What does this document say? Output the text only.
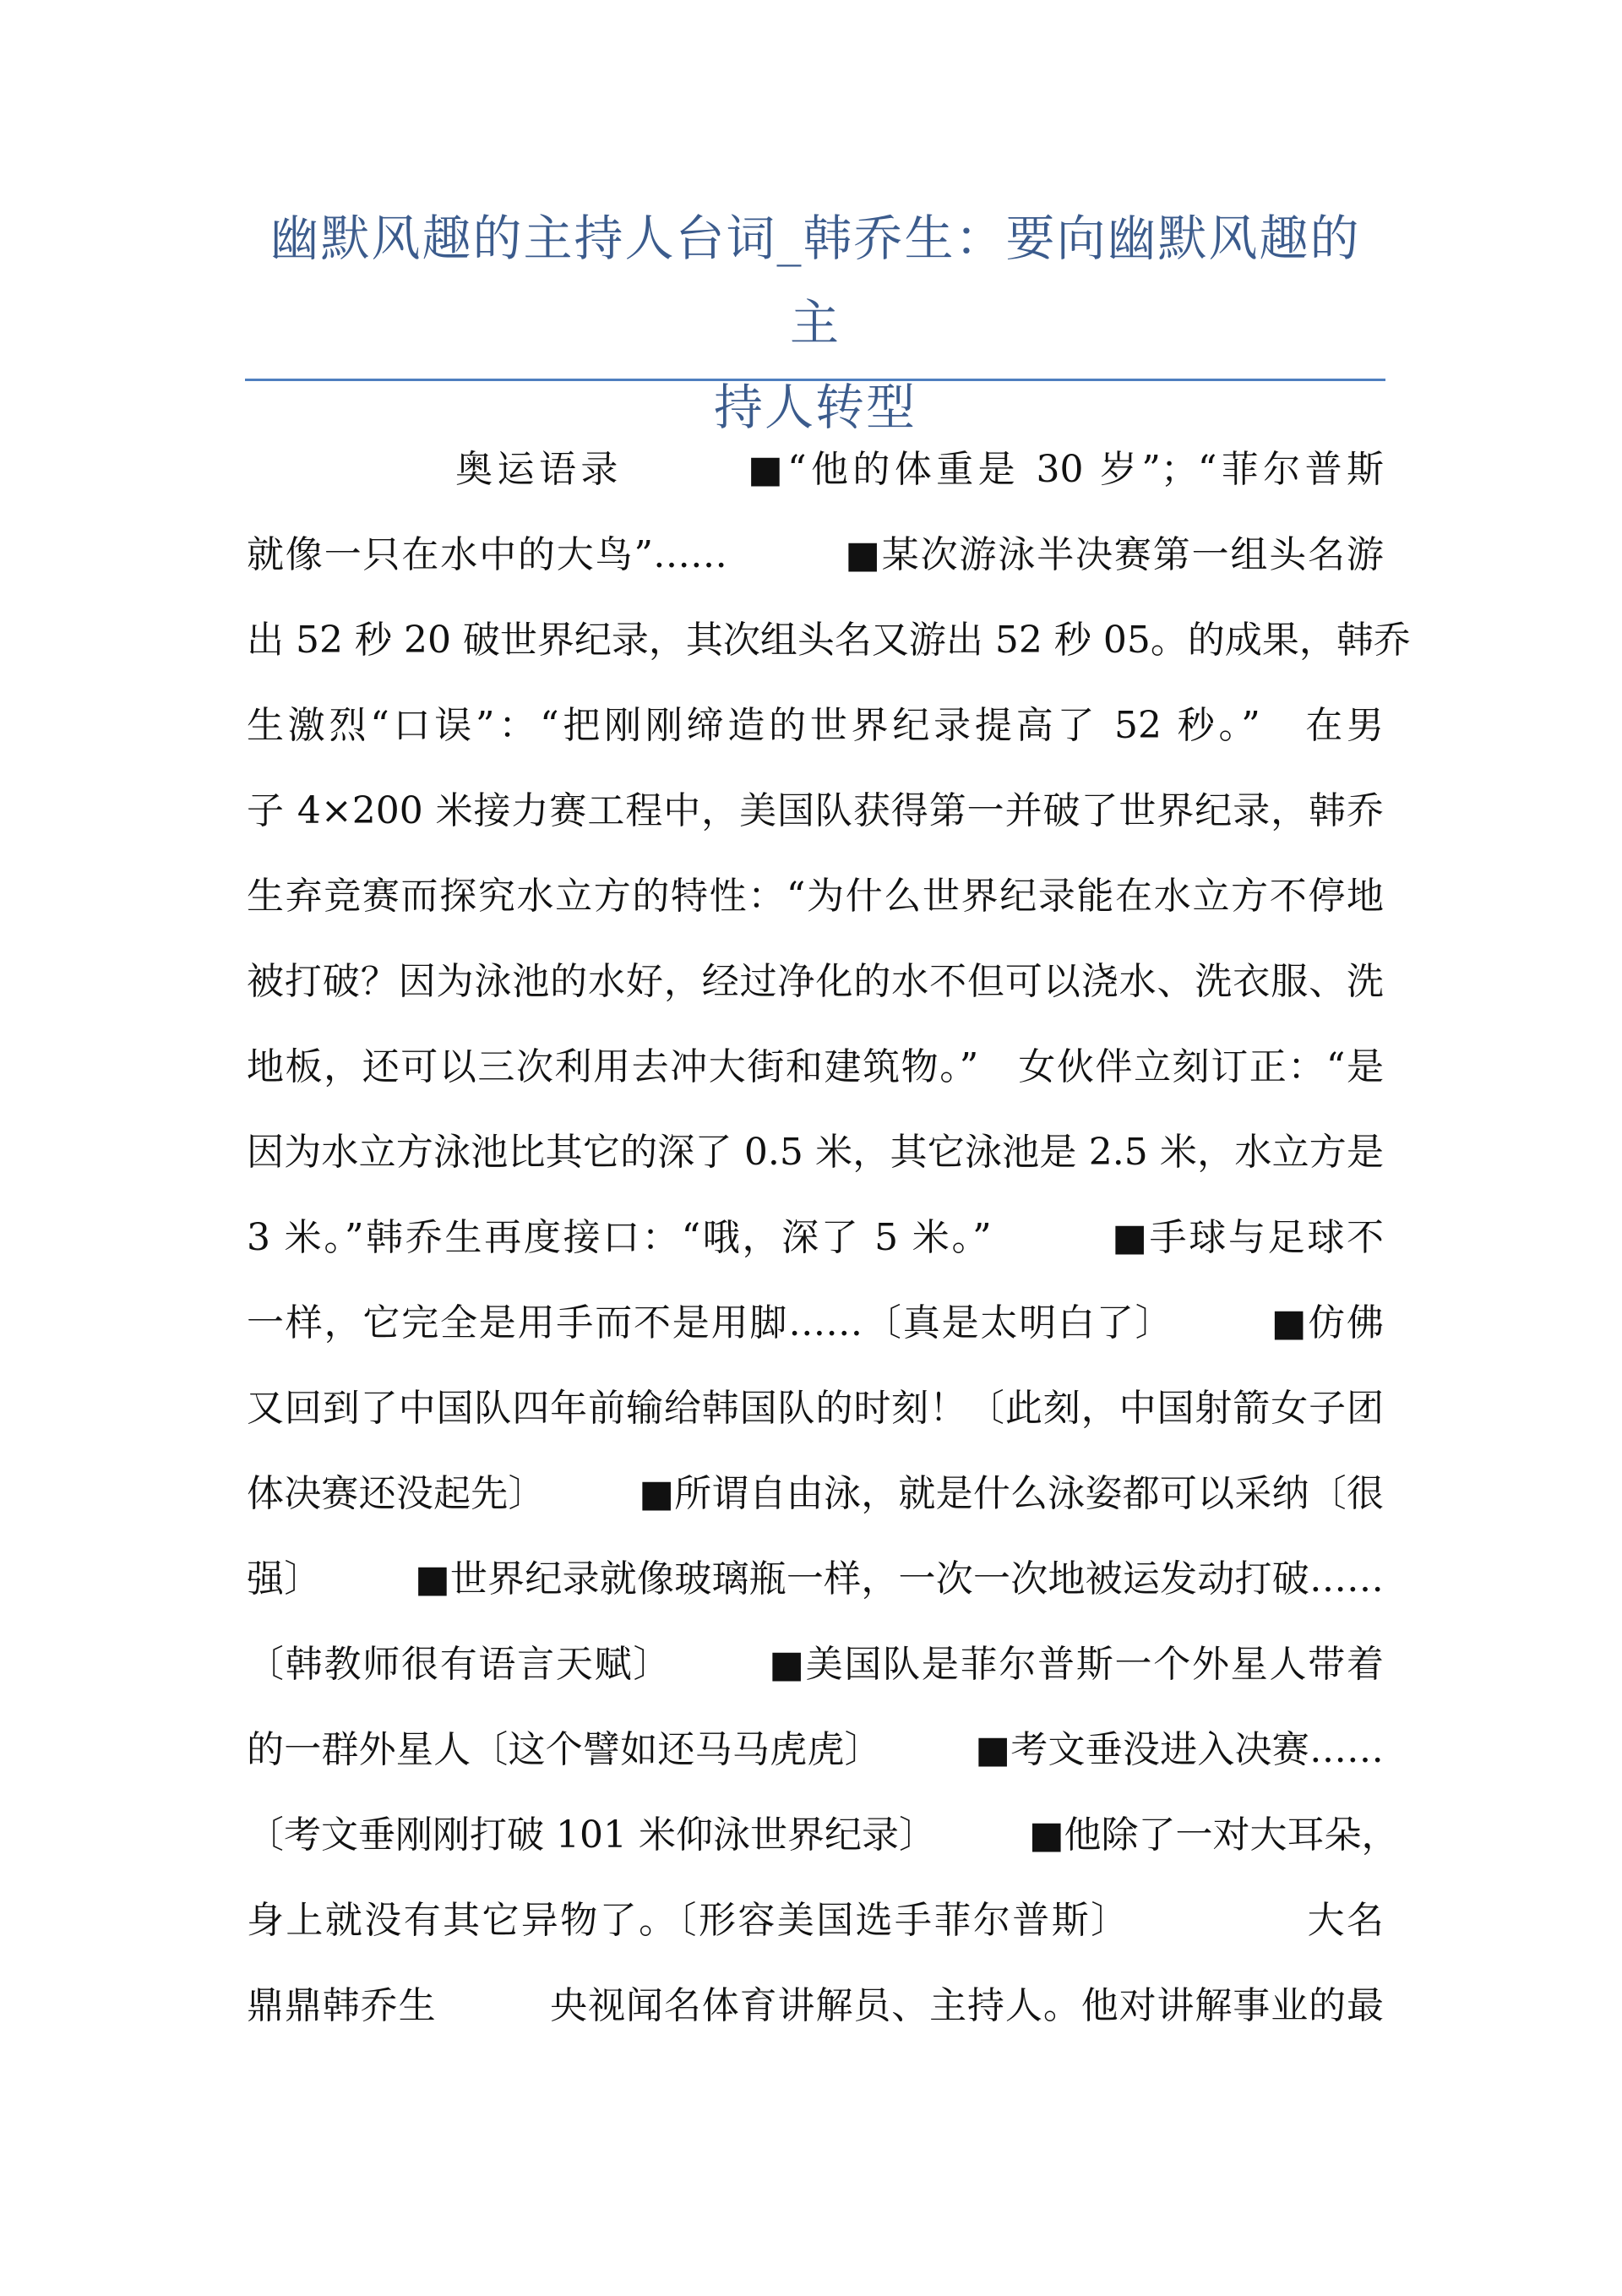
幽默风趣的主持人台词_韩乔生：要向幽默风趣的主
持人转型
　　　　　奥运语录　　　■“他的体重是 30 岁”；“菲尔普斯
就像一只在水中的大鸟”……　　　■某次游泳半决赛第一组头名游
出 52 秒 20 破世界纪录，其次组头名又游出 52 秒 05。的成果，韩乔
生激烈“口误”：“把刚刚缔造的世界纪录提高了 52 秒。”　在男
子 4×200 米接力赛工程中，美国队获得第一并破了世界纪录，韩乔
生弃竞赛而探究水立方的特性：“为什么世界纪录能在水立方不停地
被打破？因为泳池的水好，经过净化的水不但可以浇水、洗衣服、洗
地板，还可以三次利用去冲大街和建筑物。”　女伙伴立刻订正：“是
因为水立方泳池比其它的深了 0.5 米，其它泳池是 2.5 米，水立方是
3 米。”韩乔生再度接口：“哦，深了 5 米。”　　　■手球与足球不
一样，它完全是用手而不是用脚……〔真是太明白了〕　　　■仿佛
又回到了中国队四年前输给韩国队的时刻！〔此刻，中国射箭女子团
体决赛还没起先〕　　　■所谓自由泳，就是什么泳姿都可以采纳〔很
强〕　　　■世界纪录就像玻璃瓶一样，一次一次地被运发动打破……
〔韩教师很有语言天赋〕　　　■美国队是菲尔普斯一个外星人带着
的一群外星人〔这个譬如还马马虎虎〕　　　■考文垂没进入决赛……
〔考文垂刚刚打破 101 米仰泳世界纪录〕　　　■他除了一对大耳朵，
身上就没有其它异物了。〔形容美国选手菲尔普斯〕　　　　　大名
鼎鼎韩乔生　　　央视闻名体育讲解员、主持人。他对讲解事业的最
